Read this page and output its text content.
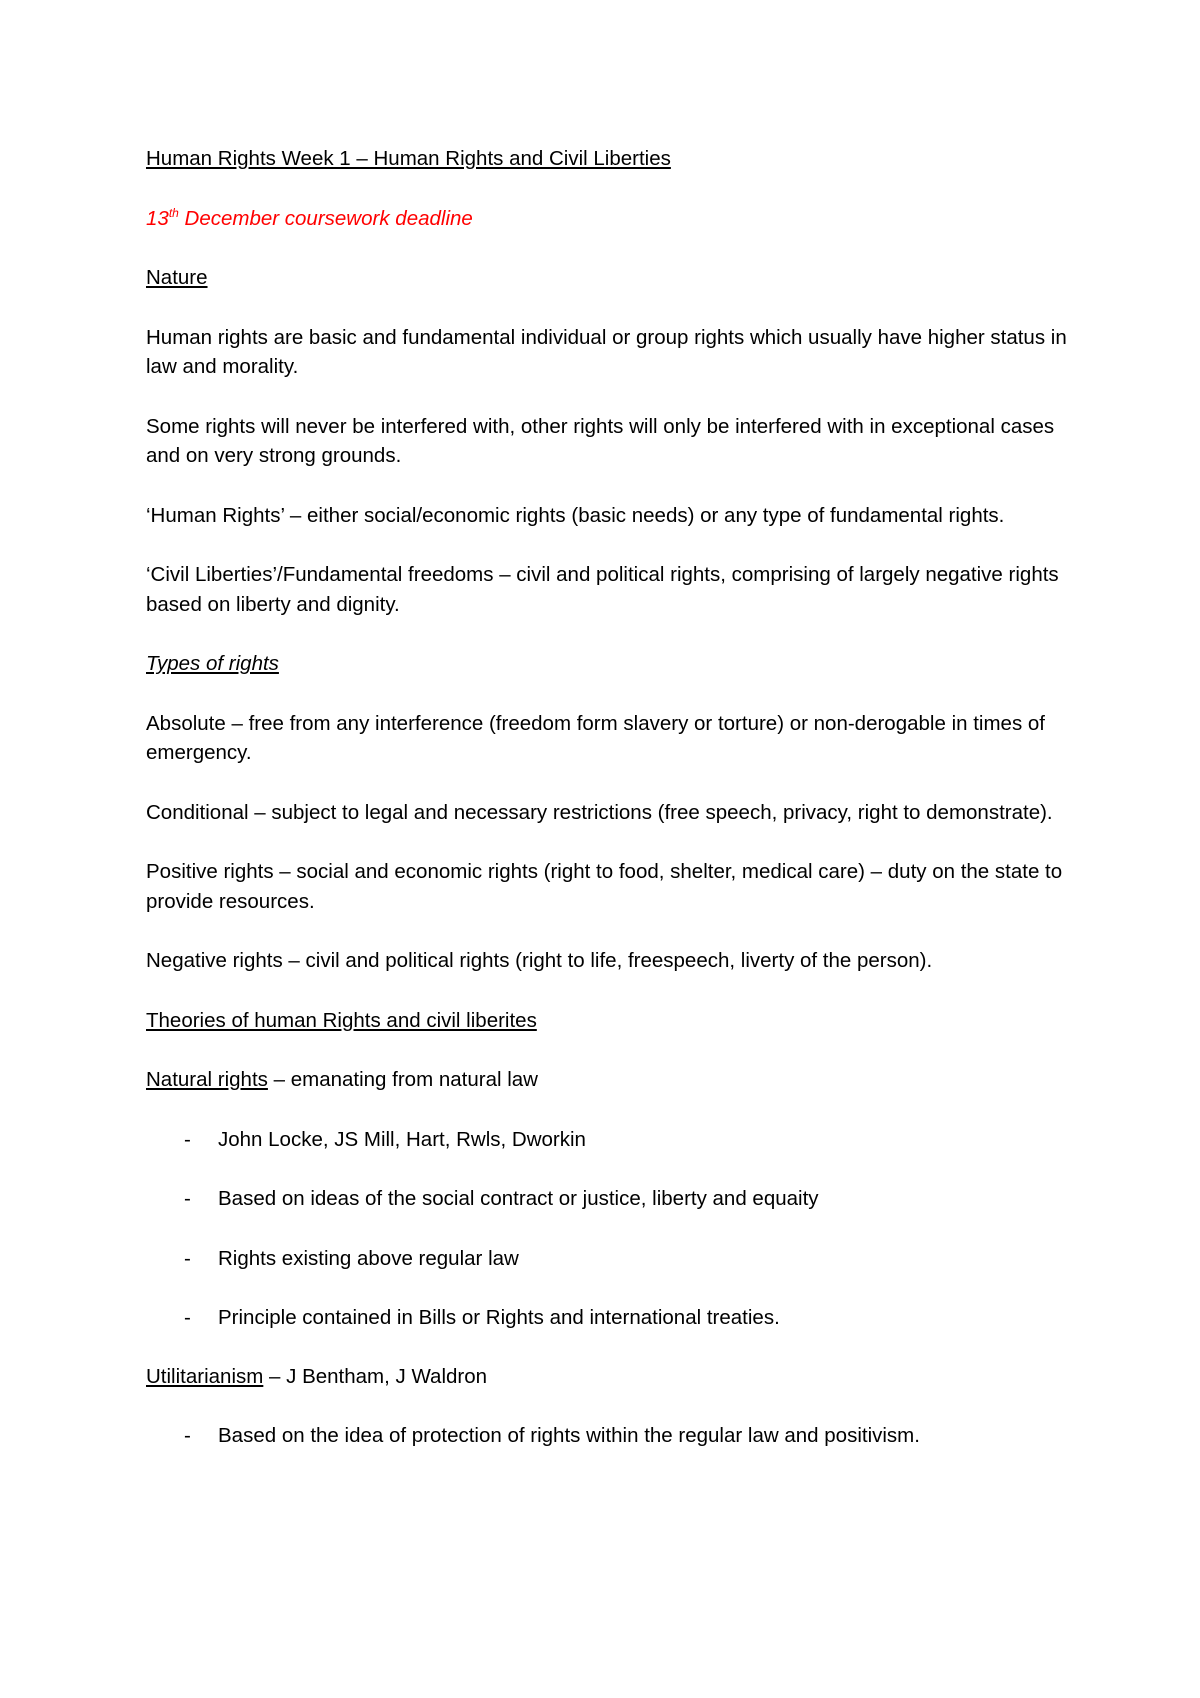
Human Rights Week 1 – Human Rights and Civil Liberties

13th December coursework deadline

Nature

Human rights are basic and fundamental individual or group rights which usually have higher status in law and morality.

Some rights will never be interfered with, other rights will only be interfered with in exceptional cases and on very strong grounds.

‘Human Rights’ – either social/economic rights (basic needs) or any type of fundamental rights.

‘Civil Liberties’/Fundamental freedoms – civil and political rights, comprising of largely negative rights based on liberty and dignity.

Types of rights

Absolute – free from any interference (freedom form slavery or torture) or non-derogable in times of emergency.

Conditional – subject to legal and necessary restrictions (free speech, privacy, right to demonstrate).

Positive rights – social and economic rights (right to food, shelter, medical care) – duty on the state to provide resources.

Negative rights – civil and political rights (right to life, freespeech, liverty of the person).

Theories of human Rights and civil liberites

Natural rights – emanating from natural law

- John Locke, JS Mill, Hart, Rwls, Dworkin
- Based on ideas of the social contract or justice, liberty and equaity
- Rights existing above regular law
- Principle contained in Bills or Rights and international treaties.

Utilitarianism – J Bentham, J Waldron

- Based on the idea of protection of rights within the regular law and positivism.
